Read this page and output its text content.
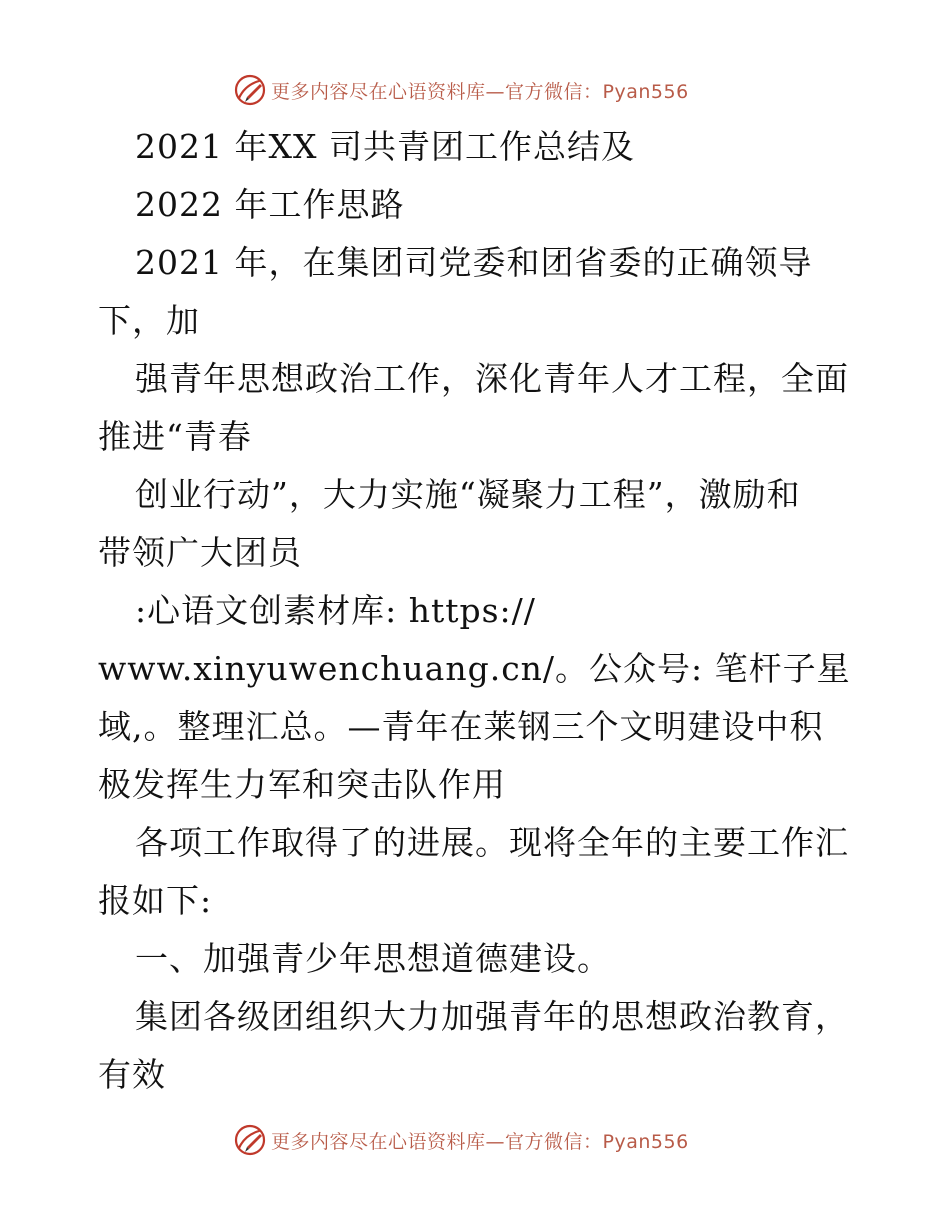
更多内容尽在心语资料库—官方微信：Pyan556
2021 年XX 司共青团工作总结及
2022 年工作思路
2021 年，在集团司党委和团省委的正确领导
下，加
强青年思想政治工作，深化青年人才工程，全面
推进“青春
创业行动”，大力实施“凝聚力工程”，激励和
带领广大团员
:心语文创素材库: https://
www.xinyuwenchuang.cn/。公众号: 笔杆子星
域,。整理汇总。—青年在莱钢三个文明建设中积
极发挥生力军和突击队作用
各项工作取得了的进展。现将全年的主要工作汇
报如下:
一、加强青少年思想道德建设。
集团各级团组织大力加强青年的思想政治教育，
有效
更多内容尽在心语资料库—官方微信：Pyan556
